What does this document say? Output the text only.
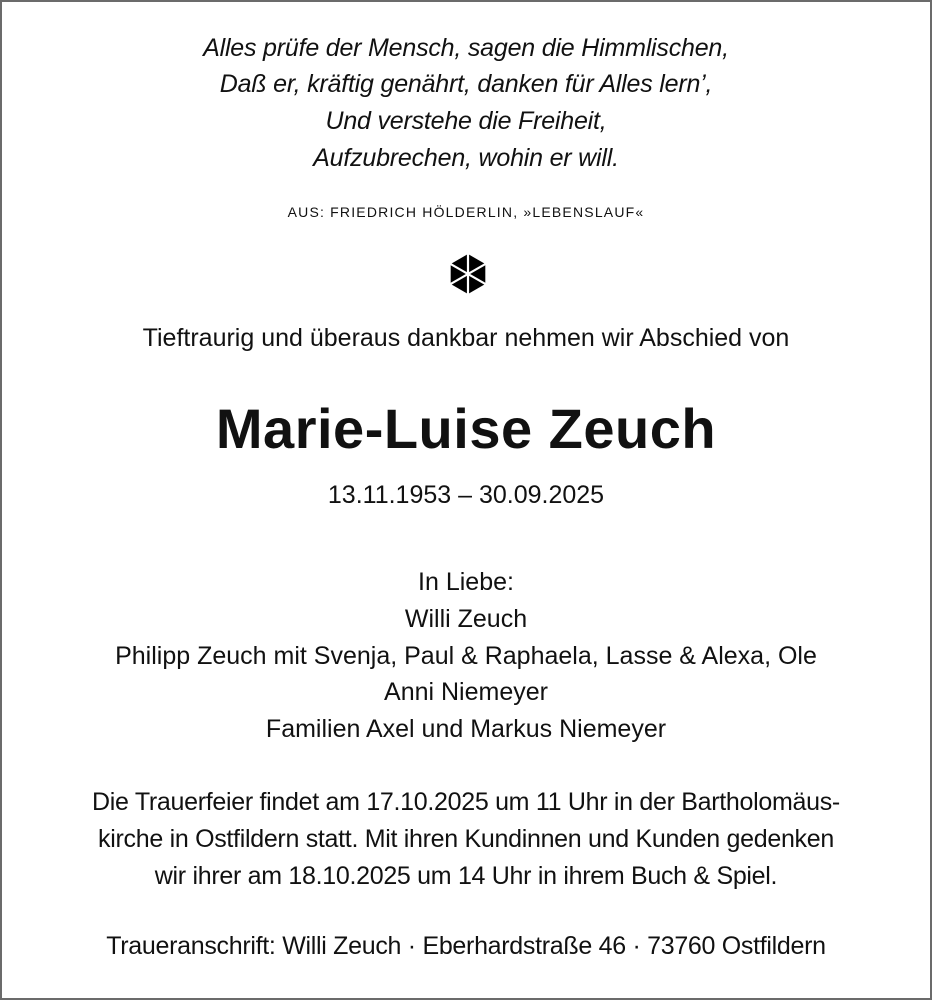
Alles prüfe der Mensch, sagen die Himmlischen,
Daß er, kräftig genährt, danken für Alles lern’,
Und verstehe die Freiheit,
Aufzubrechen, wohin er will.
AUS: FRIEDRICH HÖLDERLIN, »LEBENSLAUF«
Tieftraurig und überaus dankbar nehmen wir Abschied von
Marie-Luise Zeuch
13.11.1953 – 30.09.2025
In Liebe:
Willi Zeuch
Philipp Zeuch mit Svenja, Paul & Raphaela, Lasse & Alexa, Ole
Anni Niemeyer
Familien Axel und Markus Niemeyer
Die Trauerfeier findet am 17.10.2025 um 11 Uhr in der Bartholomäus-
kirche in Ostfildern statt. Mit ihren Kundinnen und Kunden gedenken
wir ihrer am 18.10.2025 um 14 Uhr in ihrem Buch & Spiel.
Traueranschrift: Willi Zeuch · Eberhardstraße 46 · 73760 Ostfildern
